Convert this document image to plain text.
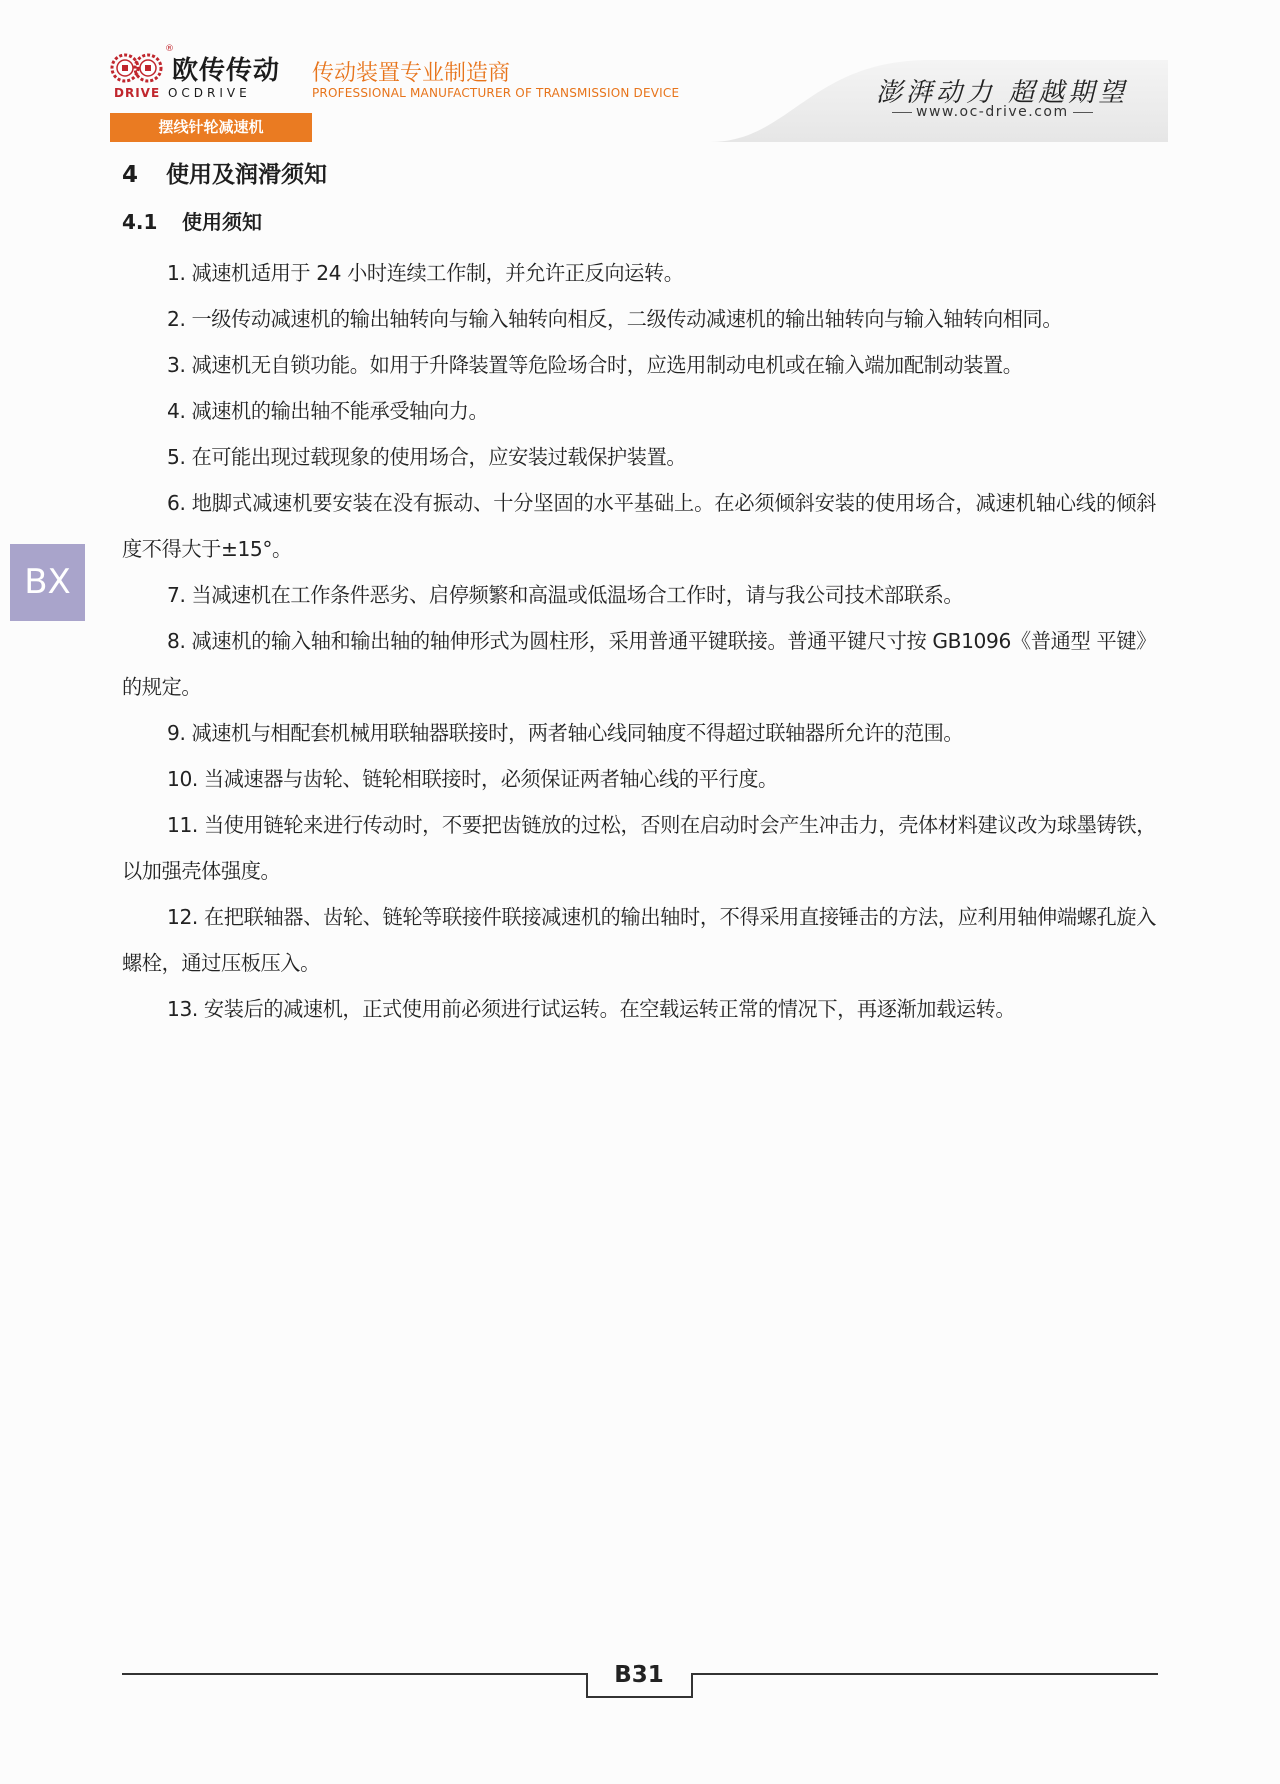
®
欧传传动
DRIVE OCDRIVE
传动装置专业制造商
PROFESSIONAL MANUFACTURER OF TRANSMISSION DEVICE	澎湃动力 超越期望
www.oc-drive.com
摆线针轮减速机
BX
4 使用及润滑须知
4.1 使用须知

1. 减速机适用于 24 小时连续工作制，并允许正反向运转。

2. 一级传动减速机的输出轴转向与输入轴转向相反，二级传动减速机的输出轴转向与输入轴转向相同。

3. 减速机无自锁功能。如用于升降装置等危险场合时，应选用制动电机或在输入端加配制动装置。

4. 减速机的输出轴不能承受轴向力。

5. 在可能出现过载现象的使用场合，应安装过载保护装置。

6. 地脚式减速机要安装在没有振动、十分坚固的水平基础上。在必须倾斜安装的使用场合，减速机轴心线的倾斜度不得大于±15°。

7. 当减速机在工作条件恶劣、启停频繁和高温或低温场合工作时，请与我公司技术部联系。

8. 减速机的输入轴和输出轴的轴伸形式为圆柱形，采用普通平键联接。普通平键尺寸按 GB1096《普通型 平键》的规定。

9. 减速机与相配套机械用联轴器联接时，两者轴心线同轴度不得超过联轴器所允许的范围。

10. 当减速器与齿轮、链轮相联接时，必须保证两者轴心线的平行度。

11. 当使用链轮来进行传动时，不要把齿链放的过松，否则在启动时会产生冲击力，壳体材料建议改为球墨铸铁，以加强壳体强度。

12. 在把联轴器、齿轮、链轮等联接件联接减速机的输出轴时，不得采用直接锤击的方法，应利用轴伸端螺孔旋入螺栓，通过压板压入。

13. 安装后的减速机，正式使用前必须进行试运转。在空载运转正常的情况下，再逐渐加载运转。

B31
